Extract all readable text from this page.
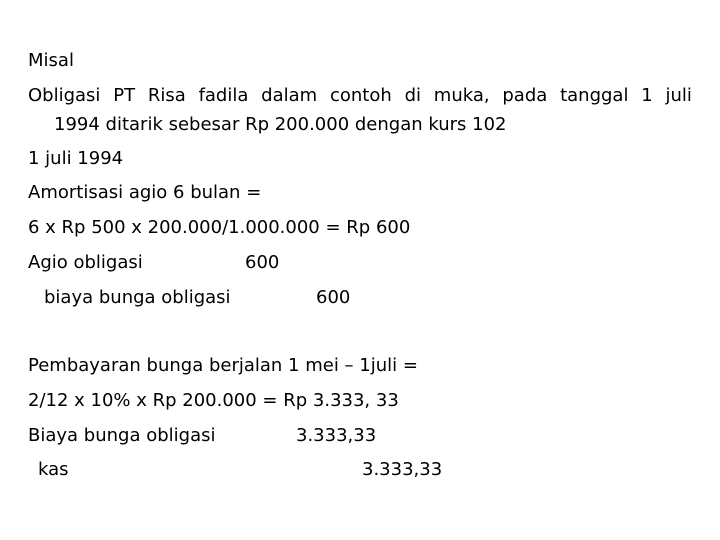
Misal
Obligasi PT Risa fadila dalam contoh di muka, pada tanggal 1 juli
1994 ditarik sebesar Rp 200.000 dengan kurs 102
1 juli 1994
Amortisasi agio 6 bulan =
6 x Rp 500 x 200.000/1.000.000 = Rp 600
Agio obligasi	600
biaya bunga obligasi	600
Pembayaran bunga berjalan 1 mei – 1juli =
2/12 x 10% x Rp 200.000 = Rp 3.333, 33
Biaya bunga obligasi	3.333,33
kas	3.333,33
